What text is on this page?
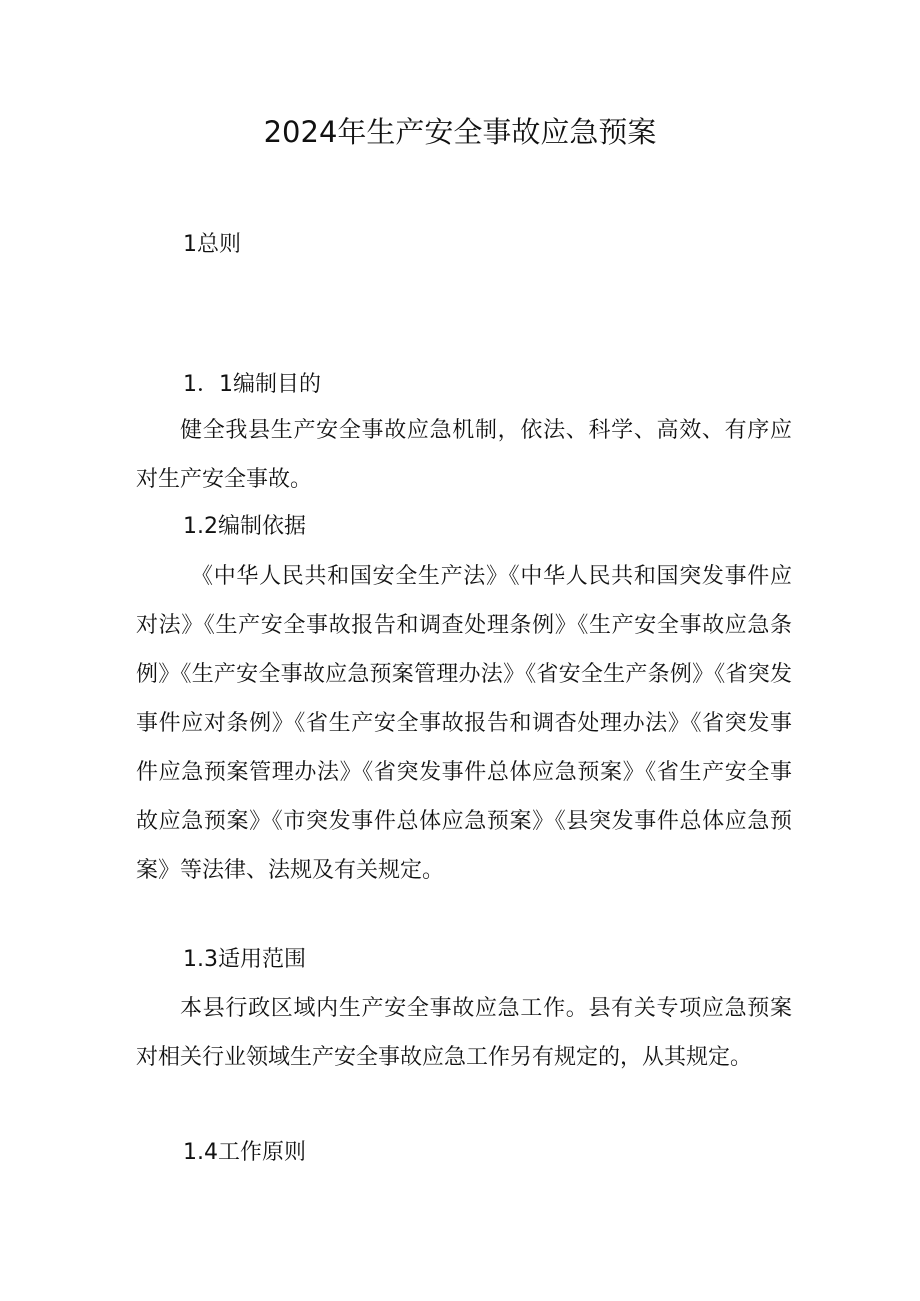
2024年生产安全事故应急预案
1总则
1．1编制目的
健全我县生产安全事故应急机制，依法、科学、高效、有序应对生产安全事故。
1.2编制依据
《中华人民共和国安全生产法》《中华人民共和国突发事件应对法》《生产安全事故报告和调查处理条例》《生产安全事故应急条例》《生产安全事故应急预案管理办法》《省安全生产条例》《省突发事件应对条例》《省生产安全事故报告和调杳处理办法》《省突发事件应急预案管理办法》《省突发事件总体应急预案》《省生产安全事故应急预案》《市突发事件总体应急预案》《县突发事件总体应急预案》等法律、法规及有关规定。
1.3适用范围
本县行政区域内生产安全事故应急工作。县有关专项应急预案对相关行业领域生产安全事故应急工作另有规定的，从其规定。
1.4工作原则
